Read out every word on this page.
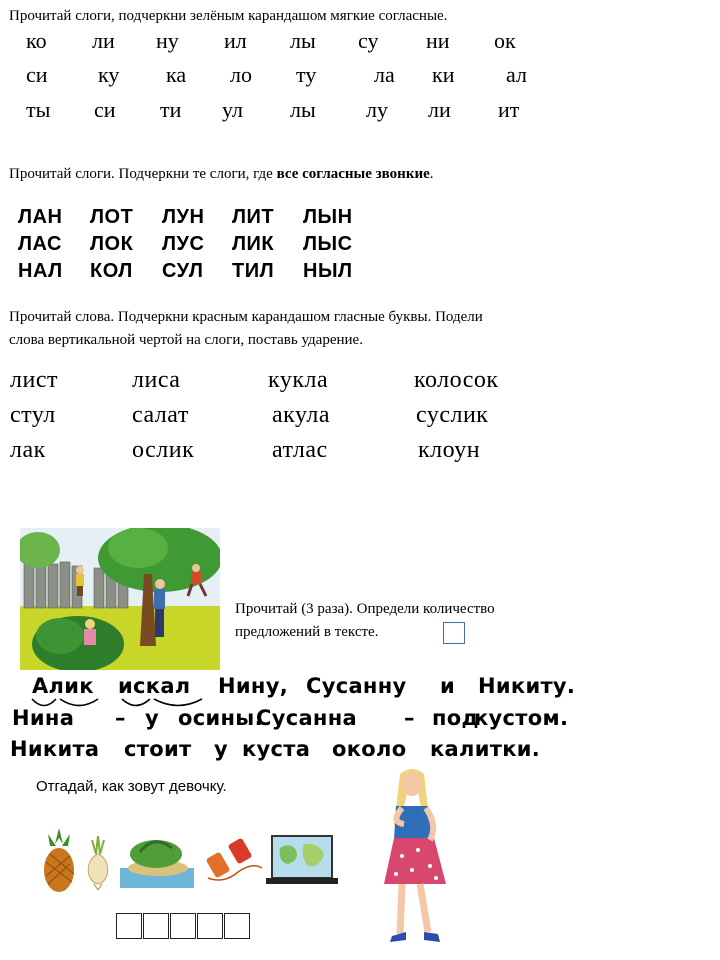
Прочитай слоги, подчеркни зелёным карандашом мягкие согласные.
ко ли ну ил лы су ни ок
си ку ка ло ту	ла ки ал
ты си ти ул лы лу ли ит
Прочитай слоги. Подчеркни те слоги, где все согласные звонкие.
ЛАН ЛОТ ЛУН ЛИТ ЛЫН
ЛАС ЛОК ЛУС ЛИК ЛЫС
НАЛ КОЛ СУЛ ТИЛ НЫЛ
Прочитай слова. Подчеркни красным карандашом гласные буквы. Подели
слова вертикальной чертой на слоги, поставь ударение.
лист	лиса	кукла	колосок
стул	салат	акула	суслик
лак	ослик	атлас	клоун
Прочитай (3 раза). Определи количество
предложений в тексте.
Алик искал Нину, Сусанну и Никиту.
Нина – у осины.
Сусанна – под
кустом.
Никита стоит у куста около калитки.
Отгадай, как зовут девочку.
